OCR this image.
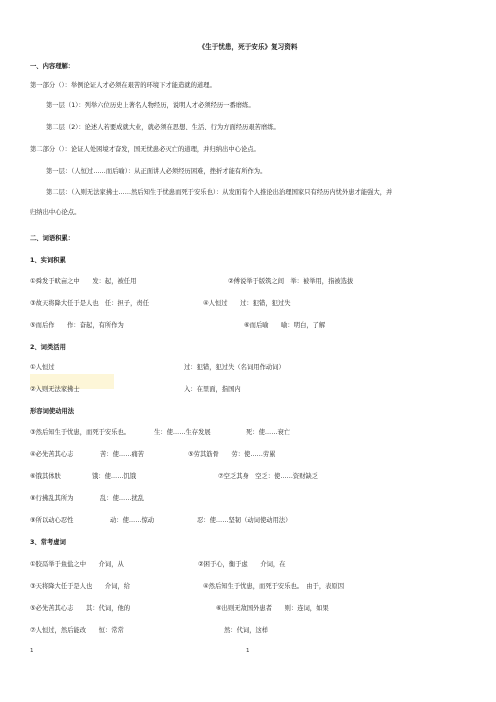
《生于忧患，死于安乐》复习资料
一、内容理解：
第一部分（）：举例论证人才必须在艰苦的环境下才能造就的道理。
第一层（1）：列举六位历史上著名人物经历，说明人才必须经历一番磨练。
第二层（2）：论述人若要成就大业，就必须在思想、生活、行为方面经历艰苦磨练。
第二部分（）：论证人处困境才奋发，国无忧患必灭亡的道理，并归纳出中心论点。
第一层：（人恒过……而后喻）：从正面讲人必须经历困难，挫折才能有所作为。
第二层：（入则无法家拂士……然后知生于忧患而死于安乐也）：从发面有个人推论出治理国家只有经历内忧外患才能强大，并
归纳出中心论点。
二、词语积累：
1、实词积累
①舜发于畎亩之中　　发：起，被任用	②傅说举于版筑之间　举：被举用，指被选拔
③故天将降大任于是人也　任：担子，责任	④人恒过　　过：犯错，犯过失
⑤而后作　　作：奋起，有所作为	⑥而后喻　　喻：明白，了解
2、词类活用
①人恒过	过：犯错，犯过失（名词用作动词）
②入则无法家拂士	入：在里面，指国内
形容词使动用法
③然后知生于忧患，而死于安乐也。	生：使……生存发展	死：使……衰亡
④必先苦其心志	苦：使……痛苦	⑤劳其筋骨　　劳：使……劳累
⑥饿其体肤	饿：使……饥饿	⑦空乏其身　空乏：使……资财缺乏
⑧行拂乱其所为	乱：使……扰乱
⑨所以动心忍性	动：使……惊动	忍：使……坚韧（动词使动用法）
3、常考虚词
①胶鬲举于鱼盐之中　　介词，从	②困于心，衡于虑　　介词，在
③天将降大任于是人也　　介词，给	④然后知生于忧患，而死于安乐也。　由于，表原因
⑤必先苦其心志　　其：代词，他的	⑥出则无敌国外患者　　则：连词，如果
⑦人恒过，然后能改　　恒：常常	然：代词，这样
1	1
